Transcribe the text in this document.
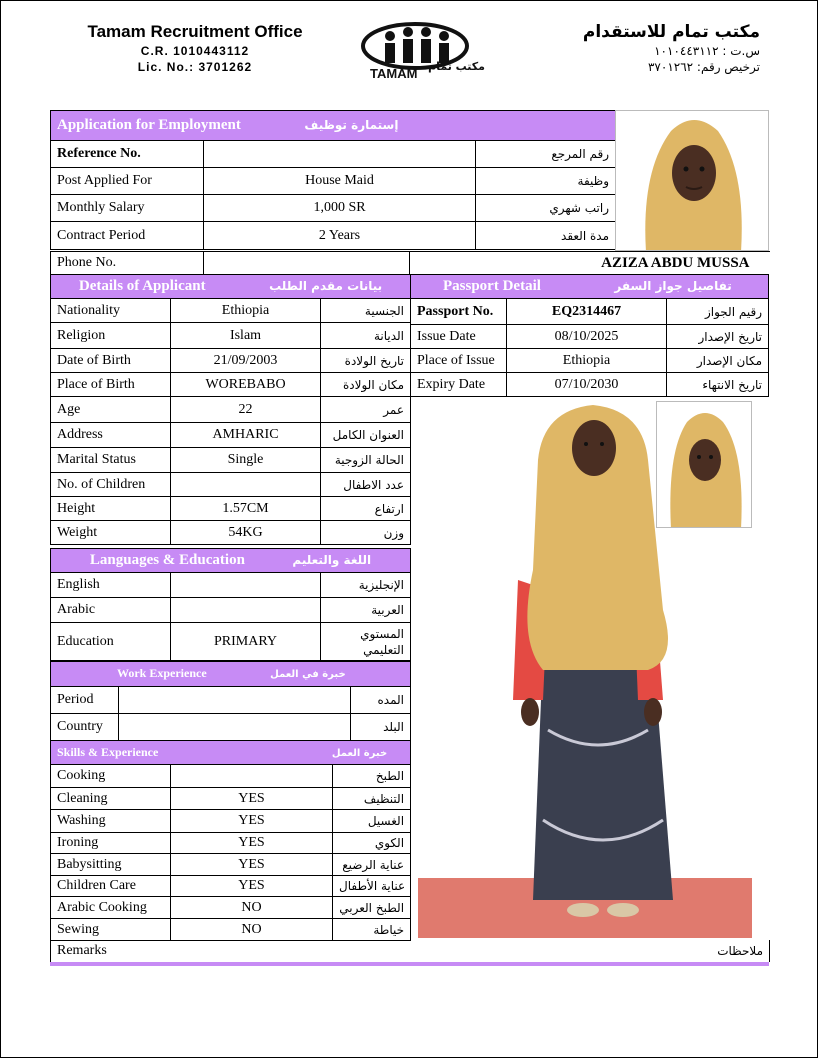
Tamam Recruitment Office
C.R. 1010443112
Lic. No.: 3701262	TAMAM مكتب تمام
مكتب تمام للاستقدام
س.ت : ١٠١٠٤٤٣١١٢
ترخيص رقم: ٣٧٠١٢٦٢
Application for Employment إستمارة توظيف		
Reference No.		رقم المرجع
Post Applied For	House Maid	وظيفة
Monthly Salary	1,000 SR	راتب شهري
Contract Period	2 Years	مدة العقد
Phone No.		AZIZA ABDU MUSSA
Details of Applicant بيانات مقدم الطلب		
Nationality	Ethiopia	الجنسية
Religion	Islam	الديانة
Date of Birth	21/09/2003	تاريخ الولادة
Place of Birth	WOREBABO	مكان الولادة
Age	22	عمر
Address	AMHARIC	العنوان الكامل
Marital Status	Single	الحالة الزوجية
No. of Children		عدد الاطفال
Height	1.57CM	ارتفاع
Weight	54KG	وزن
Passport Detail تفاصيل جواز السفر		
Passport No.	EQ2314467	رقيم الجواز
Issue Date	08/10/2025	تاريخ الإصدار
Place of Issue	Ethiopia	مكان الإصدار
Expiry Date	07/10/2030	تاريخ الانتهاء
Languages & Education اللغة والتعليم		
English		الإنجليزية
Arabic		العربية
Education	PRIMARY	المستوي التعليمي
Work Experience خبرة في العمل		
Period		المده
Country		البلد
Skills & Experience خبرة العمل		
Cooking		الطبخ
Cleaning	YES	التنظيف
Washing	YES	الغسيل
Ironing	YES	الكوي
Babysitting	YES	عناية الرضيع
Children Care	YES	عناية الأطفال
Arabic Cooking	NO	الطبخ العربي
Sewing	NO	خياطة
Remarks	ملاحظات
